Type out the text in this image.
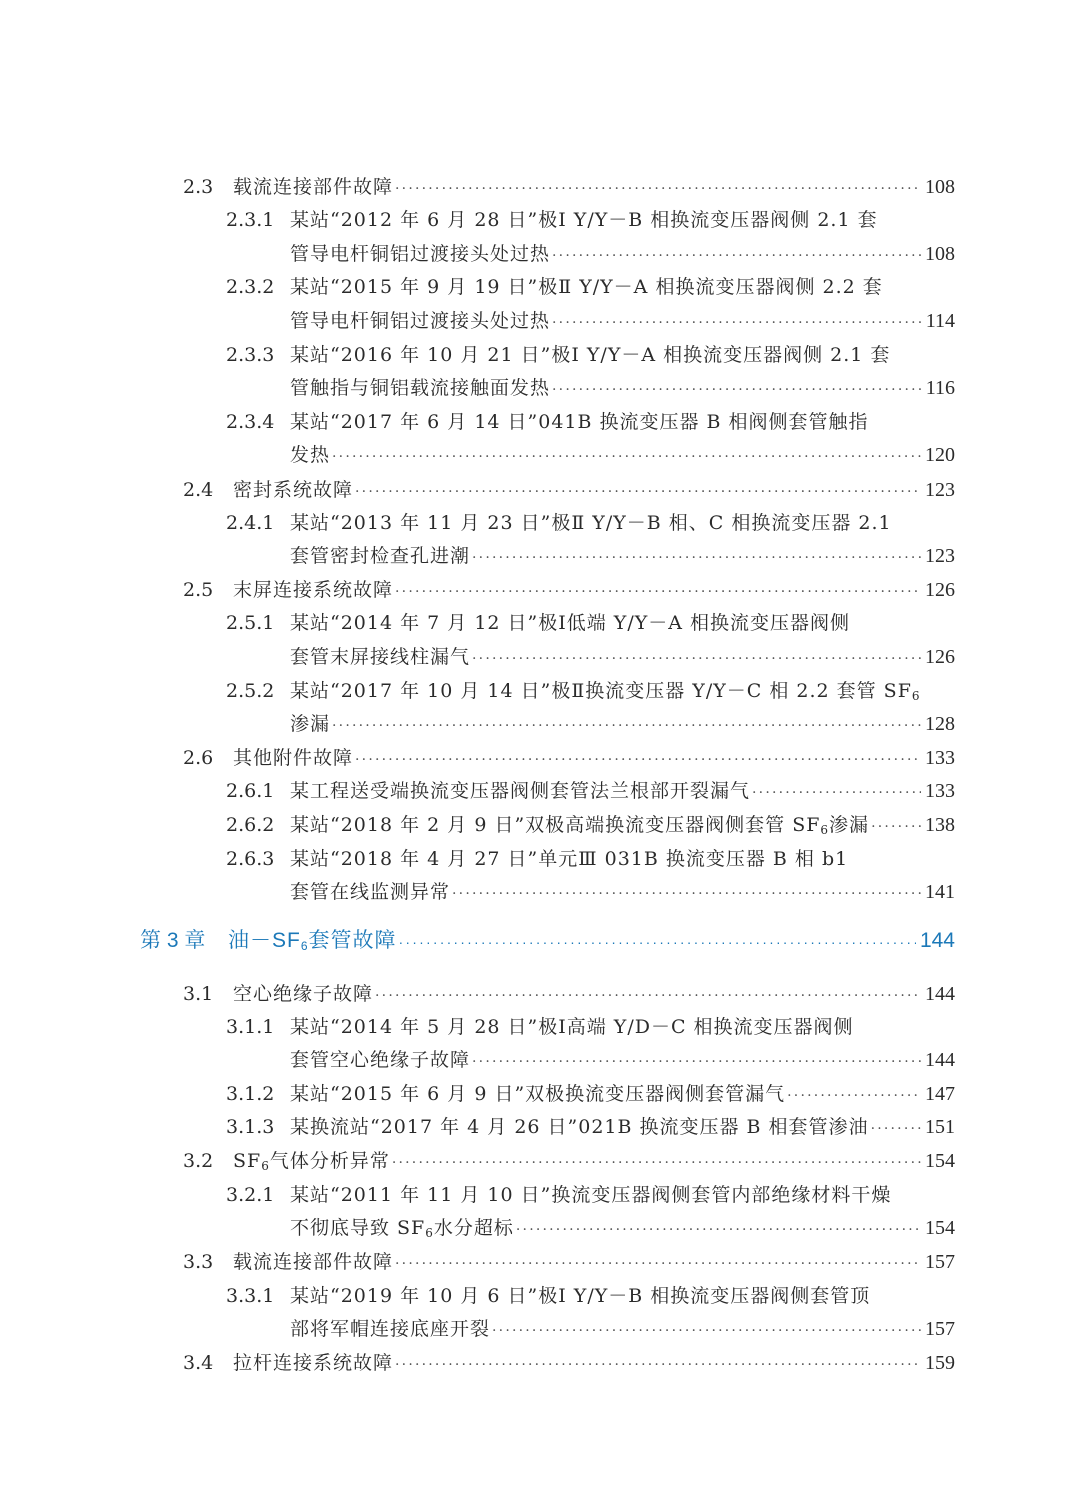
2.3 载流连接部件故障 ·····	108
2.3.1 某站“2012 年 6 月 28 日”极Ⅰ Y/Y－B 相换流变压器阀侧 2.1 套
管导电杆铜铝过渡接头处过热 ·····	108
2.3.2 某站“2015 年 9 月 19 日”极Ⅱ Y/Y－A 相换流变压器阀侧 2.2 套
管导电杆铜铝过渡接头处过热 ·····	114
2.3.3 某站“2016 年 10 月 21 日”极Ⅰ Y/Y－A 相换流变压器阀侧 2.1 套
管触指与铜铝载流接触面发热 ·····	116
2.3.4 某站“2017 年 6 月 14 日”041B 换流变压器 B 相阀侧套管触指
发热 ·····	120
2.4 密封系统故障 ·····	123
2.4.1 某站“2013 年 11 月 23 日”极Ⅱ Y/Y－B 相、C 相换流变压器 2.1
套管密封检查孔进潮 ·····	123
2.5 末屏连接系统故障 ·····	126
2.5.1 某站“2014 年 7 月 12 日”极Ⅰ低端 Y/Y－A 相换流变压器阀侧
套管末屏接线柱漏气 ·····	126
2.5.2 某站“2017 年 10 月 14 日”极Ⅱ换流变压器 Y/Y－C 相 2.2 套管 $SF_6$
渗漏 ·····	128
2.6 其他附件故障 ·····	133
2.6.1 某工程送受端换流变压器阀侧套管法兰根部开裂漏气 ·····	133
2.6.2 某站“2018 年 2 月 9 日”双极高端换流变压器阀侧套管 $SF_6$渗漏 ·····	138
2.6.3 某站“2018 年 4 月 27 日”单元Ⅲ 031B 换流变压器 B 相 b1
套管在线监测异常 ·····	141
第 3 章 油$-SF_6$套管故障 ·····	144
3.1 空心绝缘子故障 ·····	144
3.1.1 某站“2014 年 5 月 28 日”极Ⅰ高端 Y/D－C 相换流变压器阀侧
套管空心绝缘子故障 ·····	144
3.1.2 某站“2015 年 6 月 9 日”双极换流变压器阀侧套管漏气 ·····	147
3.1.3 某换流站“2017 年 4 月 26 日”021B 换流变压器 B 相套管渗油 ·····	151
3.2 $SF_6$气体分析异常 ·····	154
3.2.1 某站“2011 年 11 月 10 日”换流变压器阀侧套管内部绝缘材料干燥
不彻底导致 $SF_6$水分超标 ·····	154
3.3 载流连接部件故障 ·····	157
3.3.1 某站“2019 年 10 月 6 日”极Ⅰ Y/Y－B 相换流变压器阀侧套管顶
部将军帽连接底座开裂 ·····	157
3.4 拉杆连接系统故障 ·····	159
